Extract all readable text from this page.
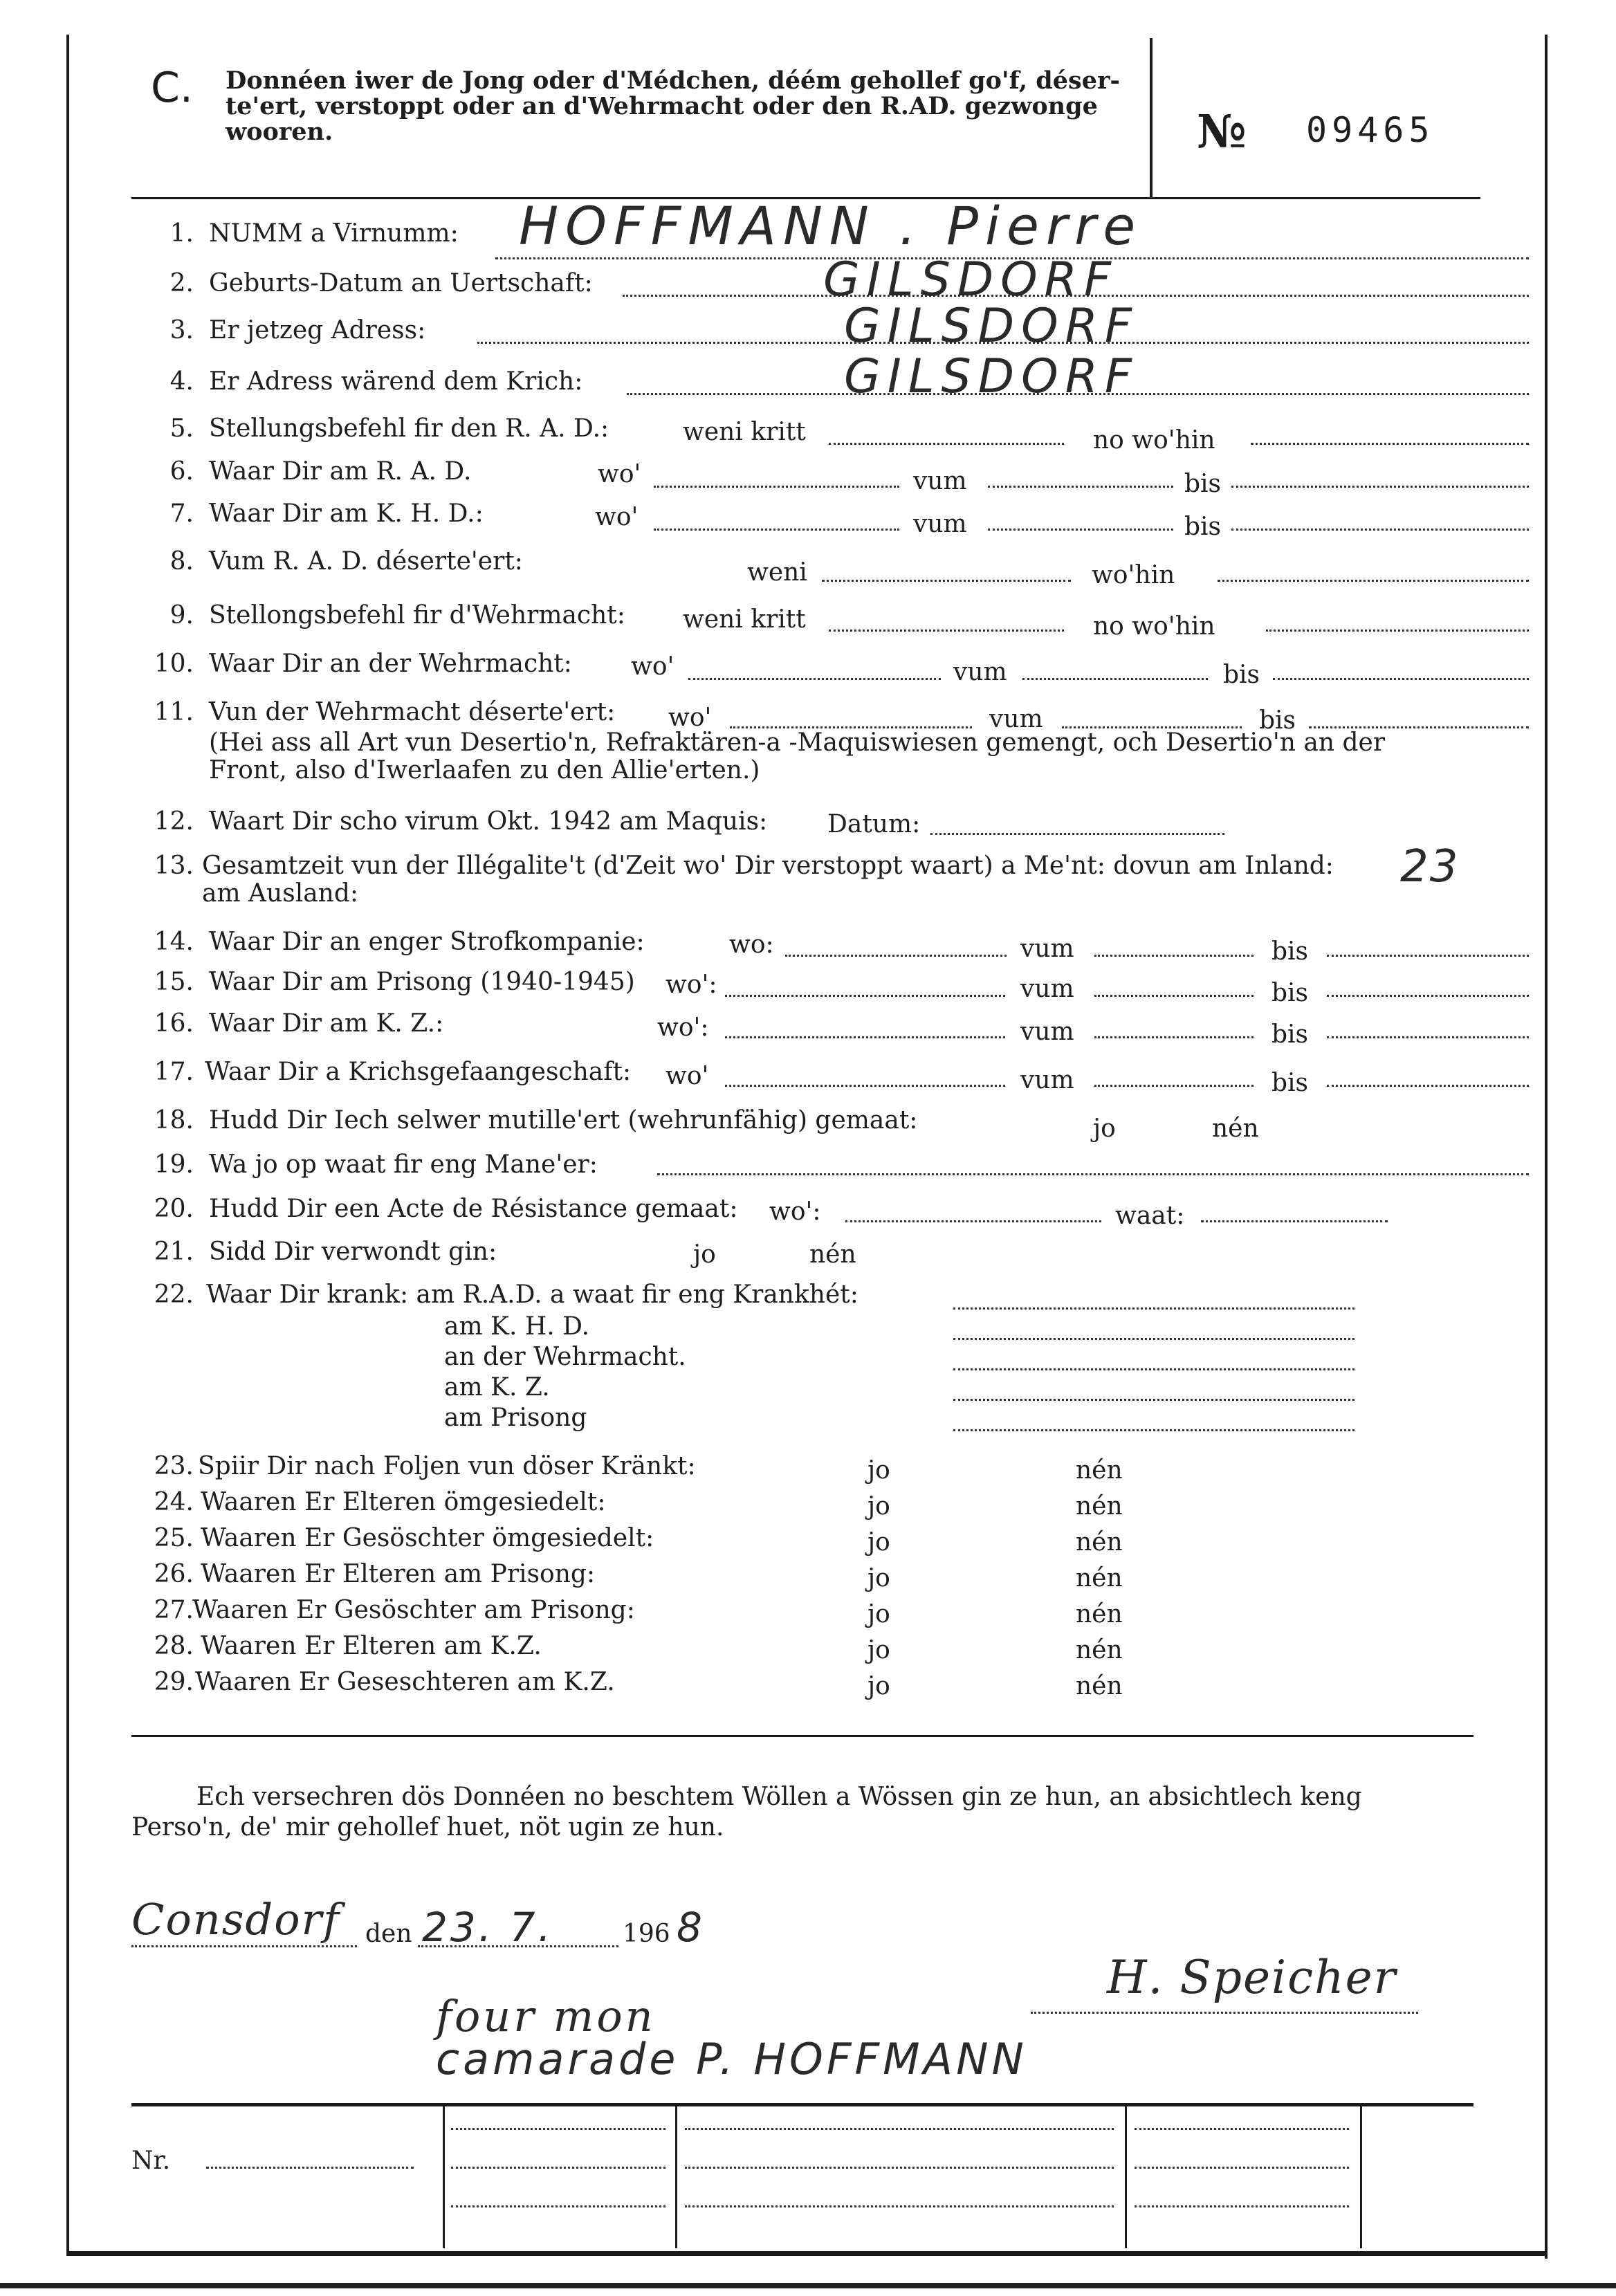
C. Donnéen iwer de Jong oder d'Médchen, déém gehollef go'f, déser-
te'ert, verstoppt oder an d'Wehrmacht oder den R.AD. gezwonge
wooren.	№ 09465
1. NUMM a Virnumm: HOFFMANN . Pierre
2. Geburts-Datum an Uertschaft:	GILSDORF
3. Er jetzeg Adress:	GILSDORF
4. Er Adress wärend dem Krich:	GILSDORF
5. Stellungsbefehl fir den R. A. D.:	weni kritt	no wo'hin
6. Waar Dir am R. A. D.	wo'	vum	bis
7. Waar Dir am K. H. D.:	wo'	vum	bis
8. Vum R. A. D. déserte'ert:	weni	wo'hin
9. Stellongsbefehl fir d'Wehrmacht: weni kritt	no wo'hin
10. Waar Dir an der Wehrmacht: wo'	vum	bis
11. Vun der Wehrmacht déserte'ert: wo'	vum	bis
(Hei ass all Art vun Desertio'n, Refraktären-a -Maquiswiesen gemengt, och Desertio'n an der
Front, also d'Iwerlaafen zu den Allie'erten.)
12. Waart Dir scho virum Okt. 1942 am Maquis: Datum:
13. Gesamtzeit vun der Illégalite't (d'Zeit wo' Dir verstoppt waart) a Me'nt: dovun am Inland: 23
am Ausland:
14. Waar Dir an enger Strofkompanie:	wo:	vum	bis
15. Waar Dir am Prisong (1940-1945) wo':	vum	bis
16. Waar Dir am K. Z.:	wo':	vum	bis
17. Waar Dir a Krichsgefaangeschaft: wo'	vum	bis
18. Hudd Dir Iech selwer mutille'ert (wehrunfähig) gemaat:	jo	nén
19. Wa jo op waat fir eng Mane'er:
20. Hudd Dir een Acte de Résistance gemaat: wo':	waat:
21. Sidd Dir verwondt gin:	jo	nén
22. Waar Dir krank: am R.A.D. a waat fir eng Krankhét:
am K. H. D.
an der Wehrmacht.
am K. Z.
am Prisong
23. Spiir Dir nach Foljen vun döser Kränkt:	jo	nén
24. Waaren Er Elteren ömgesiedelt:	jo	nén
25. Waaren Er Gesöschter ömgesiedelt:	jo	nén
26. Waaren Er Elteren am Prisong:	jo	nén
27.
Waaren Er Gesöschter am Prisong:	jo	nén
28. Waaren Er Elteren am K.Z.	jo	nén
29. Waaren Er Geseschteren am K.Z.	jo	nén
Ech versechren dös Donnéen no beschtem Wöllen a Wössen gin ze hun, an absichtlech keng
Perso'n, de' mir gehollef huet, nöt ugin ze hun.
Consdorf den 23. 7.	196 8
H. Speicher
four mon
camarade P. HOFFMANN
Nr.
